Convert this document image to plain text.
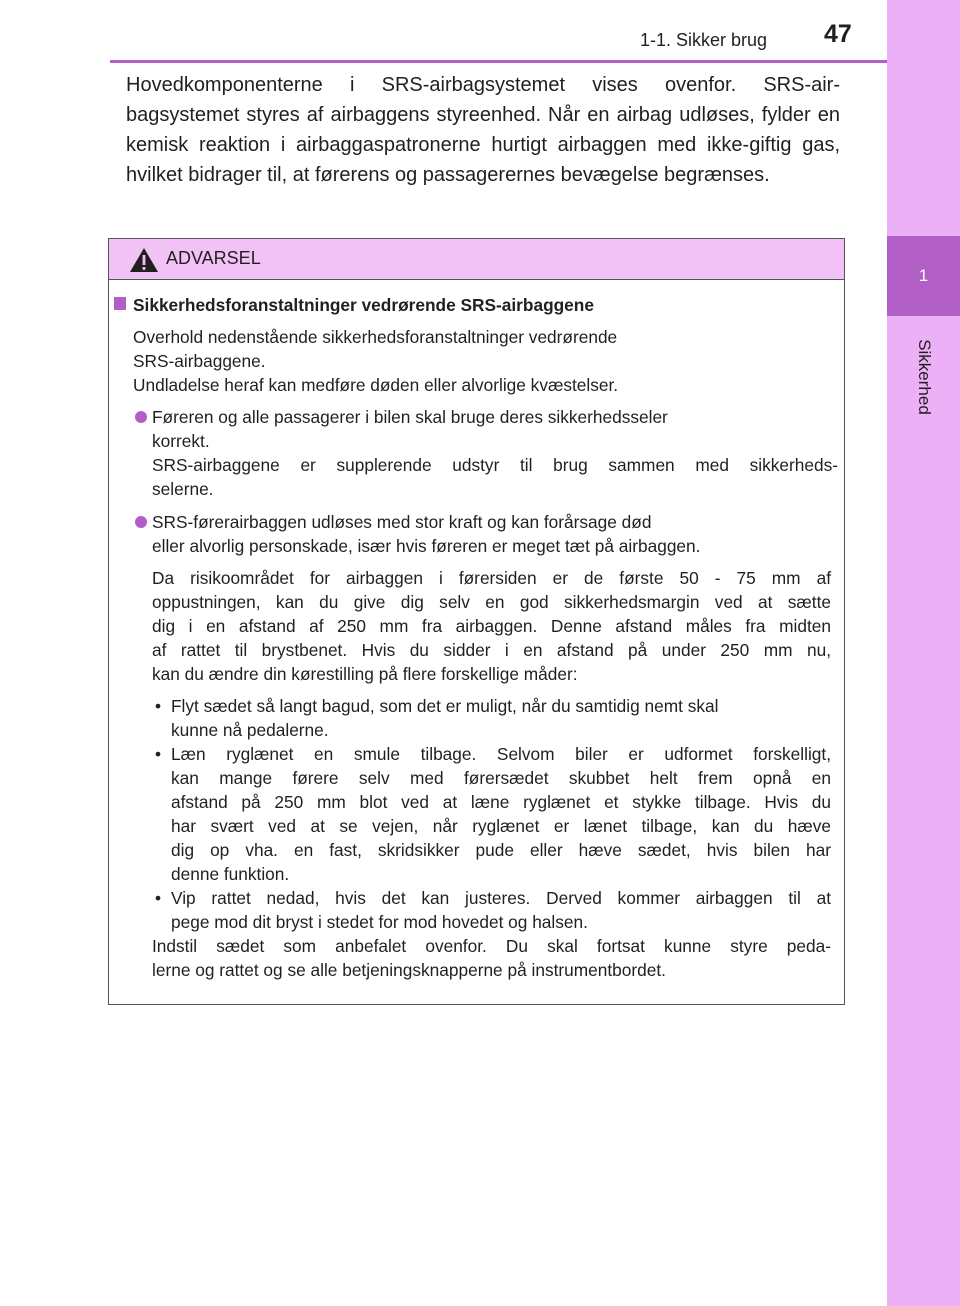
1
Sikkerhed
1-1. Sikker brug 47
Hovedkomponenterne i SRS-airbagsystemet vises ovenfor. SRS-air-bagsystemet styres af airbaggens styreenhed. Når en airbag udløses, fylder en kemisk reaktion i airbaggaspatronerne hurtigt airbaggen med ikke-giftig gas, hvilket bidrager til, at førerens og passagerernes bevægelse begrænses.
ADVARSEL
Sikkerhedsforanstaltninger vedrørende SRS-airbaggene
Overhold nedenstående sikkerhedsforanstaltninger vedrørende
SRS-airbaggene.
Undladelse heraf kan medføre døden eller alvorlige kvæstelser.
Føreren og alle passagerer i bilen skal bruge deres sikkerhedsseler
korrekt.
SRS-airbaggene er supplerende udstyr til brug sammen med sikkerheds-
selerne.
SRS-førerairbaggen udløses med stor kraft og kan forårsage død
eller alvorlig personskade, især hvis føreren er meget tæt på airbaggen.
Da risikoområdet for airbaggen i førersiden er de første 50 - 75 mm af
oppustningen, kan du give dig selv en god sikkerhedsmargin ved at sætte
dig i en afstand af 250 mm fra airbaggen. Denne afstand måles fra midten
af rattet til brystbenet. Hvis du sidder i en afstand på under 250 mm nu,
kan du ændre din kørestilling på flere forskellige måder:
• Flyt sædet så langt bagud, som det er muligt, når du samtidig nemt skal
kunne nå pedalerne.
• Læn ryglænet en smule tilbage. Selvom biler er udformet forskelligt,
kan mange førere selv med førersædet skubbet helt frem opnå en
afstand på 250 mm blot ved at læne ryglænet et stykke tilbage. Hvis du
har svært ved at se vejen, når ryglænet er lænet tilbage, kan du hæve
dig op vha. en fast, skridsikker pude eller hæve sædet, hvis bilen har
denne funktion.
• Vip rattet nedad, hvis det kan justeres. Derved kommer airbaggen til at
pege mod dit bryst i stedet for mod hovedet og halsen.
Indstil sædet som anbefalet ovenfor. Du skal fortsat kunne styre peda-
lerne og rattet og se alle betjeningsknapperne på instrumentbordet.
